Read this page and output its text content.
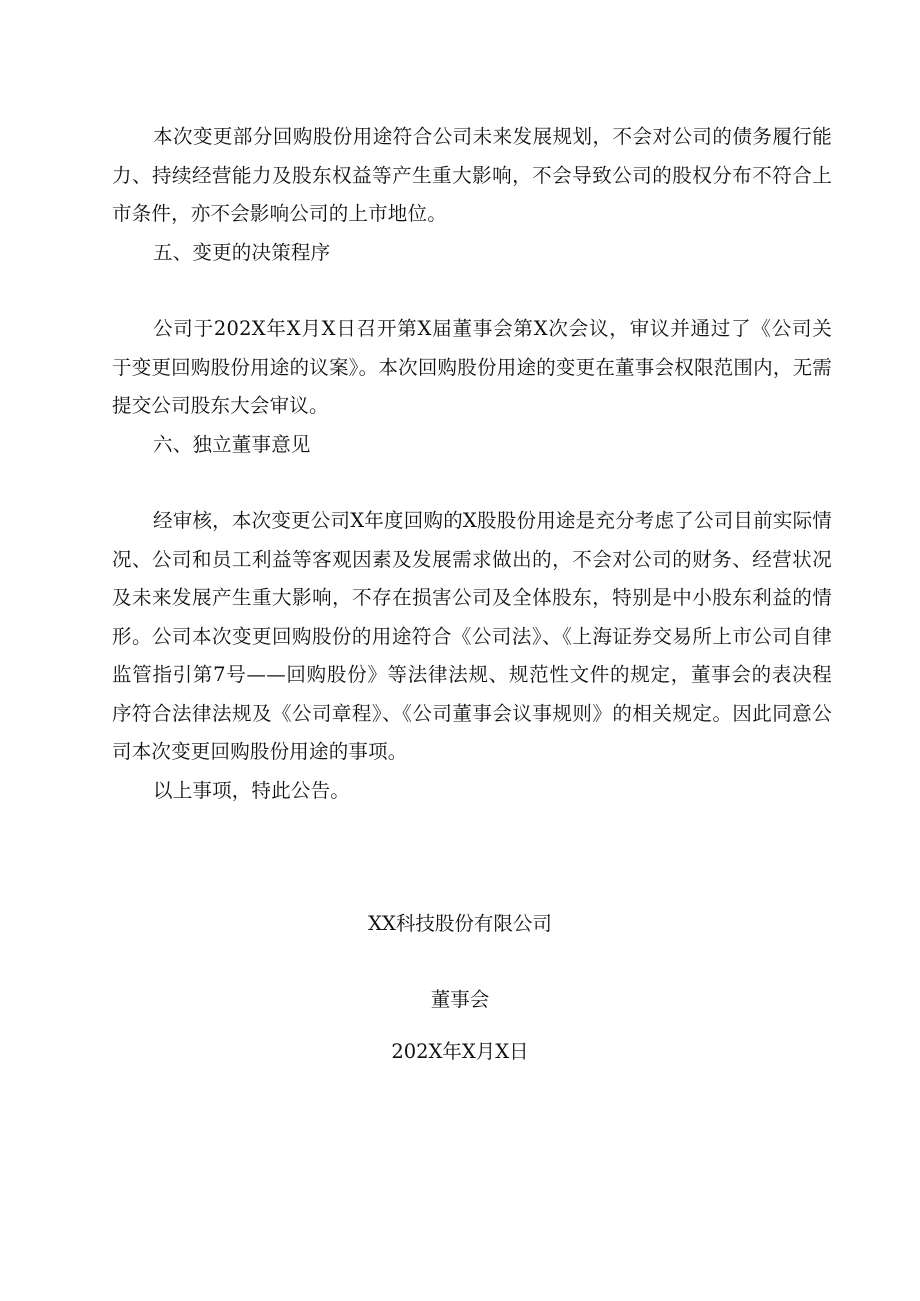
本次变更部分回购股份用途符合公司未来发展规划，不会对公司的债务履行能力、持续经营能力及股东权益等产生重大影响，不会导致公司的股权分布不符合上市条件，亦不会影响公司的上市地位。

五、变更的决策程序

公司于202X年X月X日召开第X届董事会第X次会议，审议并通过了《公司关于变更回购股份用途的议案》。本次回购股份用途的变更在董事会权限范围内，无需提交公司股东大会审议。

六、独立董事意见

经审核，本次变更公司X年度回购的X股股份用途是充分考虑了公司目前实际情况、公司和员工利益等客观因素及发展需求做出的，不会对公司的财务、经营状况及未来发展产生重大影响，不存在损害公司及全体股东，特别是中小股东利益的情形。公司本次变更回购股份的用途符合《公司法》、《上海证券交易所上市公司自律监管指引第7号——回购股份》等法律法规、规范性文件的规定，董事会的表决程序符合法律法规及《公司章程》、《公司董事会议事规则》的相关规定。因此同意公司本次变更回购股份用途的事项。

以上事项，特此公告。

XX科技股份有限公司
董事会
202X年X月X日
